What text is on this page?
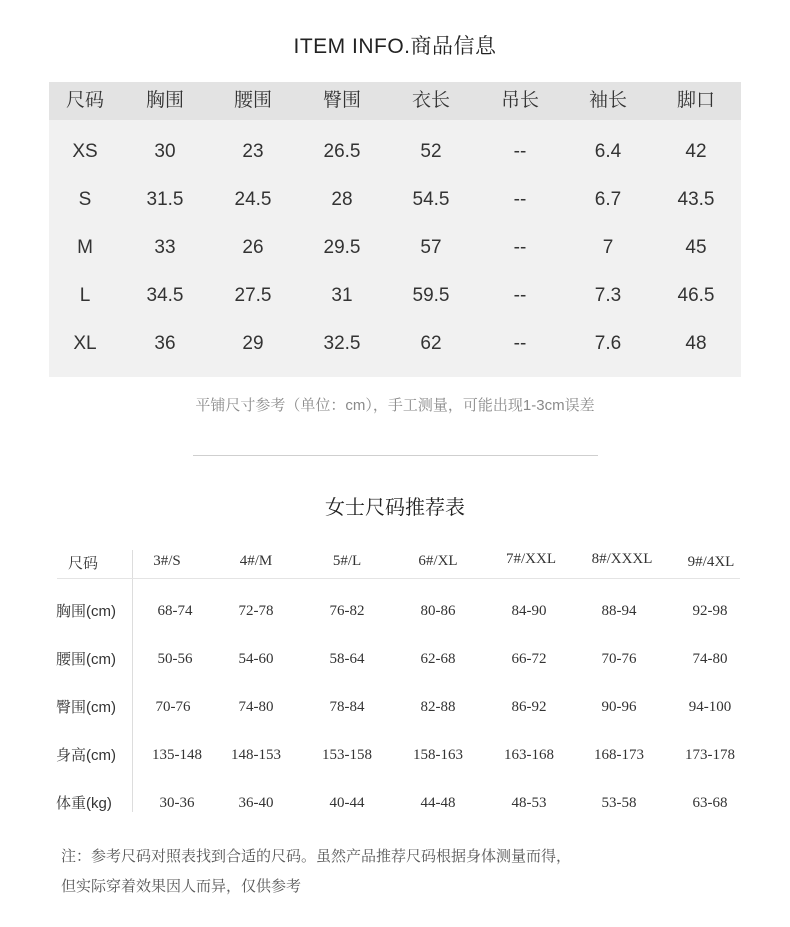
ITEM INFO.商品信息
尺码	胸围	腰围	臀围	衣长	吊长	袖长	脚口
XS	30	23	26.5	52	--	6.4	42
S	31.5	24.5	28	54.5	--	6.7	43.5
M	33	26	29.5	57	--	7	45
L	34.5	27.5	31	59.5	--	7.3	46.5
XL	36	29	32.5	62	--	7.6	48
平铺尺寸参考（单位：cm），手工测量，可能出现1-3cm误差
女士尺码推荐表
尺码	3#/S	4#/M	5#/L	6#/XL	7#/XXL	8#/XXXL	9#/4XL
胸围(cm)	68-74	72-78	76-82	80-86	84-90	88-94	92-98
腰围(cm)	50-56	54-60	58-64	62-68	66-72	70-76	74-80
臀围(cm)	70-76	74-80	78-84	82-88	86-92	90-96	94-100
身高(cm)	135-148	148-153	153-158	158-163	163-168	168-173	173-178
体重(kg)	30-36	36-40	40-44	44-48	48-53	53-58	63-68
注：参考尺码对照表找到合适的尺码。虽然产品推荐尺码根据身体测量而得，
但实际穿着效果因人而异，仅供参考
